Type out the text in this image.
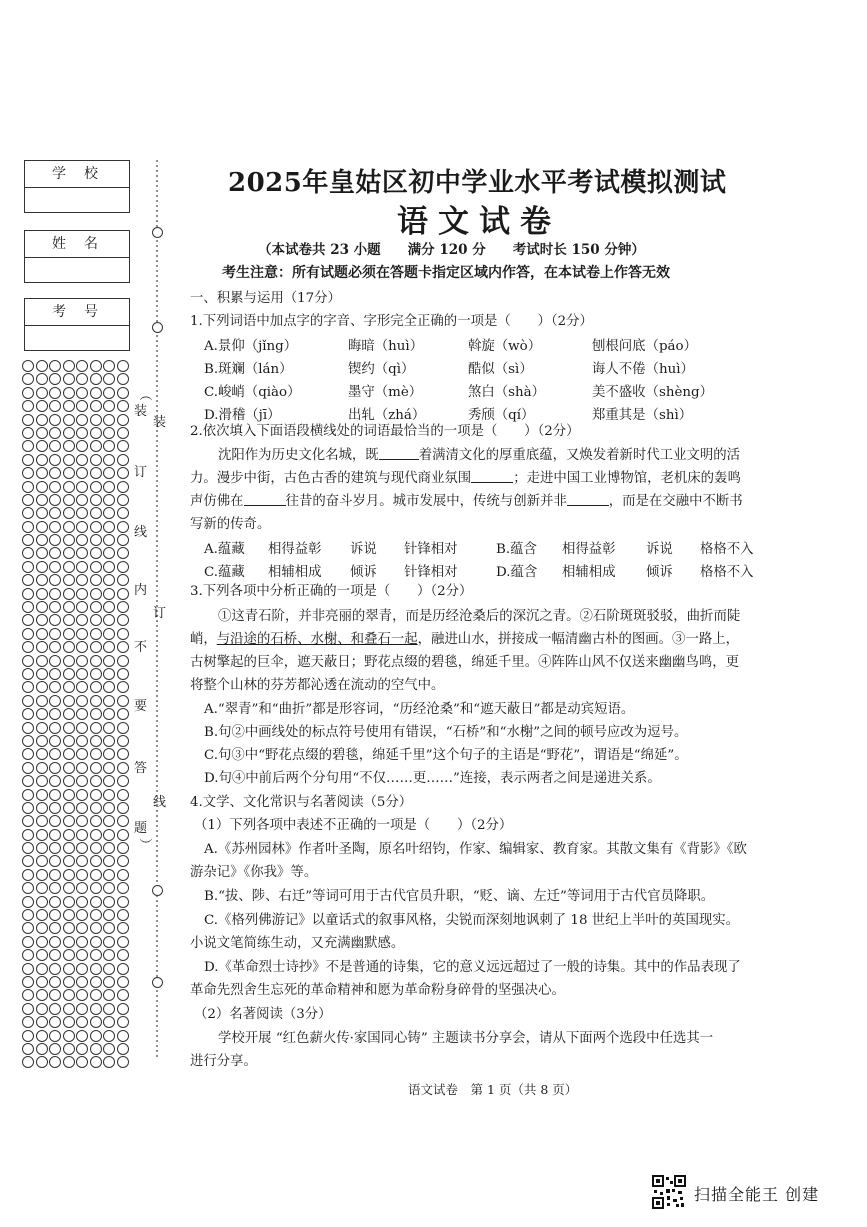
学校
姓名
考号
（
装
订
线
内
不
要
答
题
）
装
订
线
2025年皇姑区初中学业水平考试模拟测试
语文试卷
（本试卷共 23 小题　　满分 120 分　　考试时长 150 分钟）
考生注意：所有试题必须在答题卡指定区域内作答，在本试卷上作答无效
一、积累与运用（17分）
1.下列词语中加点字的字音、字形完全正确的一项是（　　）（2分）
A.景仰（jǐng）	晦暗（huì）	斡旋（wò）	刨根问底（páo）
B.斑斓（lán）	锲约（qì）	酷似（sì）	诲人不倦（huì）
C.峻峭（qiào）	墨守（mè）	煞白（shà）	美不盛收（shèng）
D.滑稽（jī）	出轧（zhá）	秀颀（qí）	郑重其是（shì）
2.依次填入下面语段横线处的词语最恰当的一项是（　　）（2分）
沈阳作为历史文化名城，既	着满清文化的厚重底蕴，又焕发着新时代工业文明的活
力。漫步中街，古色古香的建筑与现代商业氛围	；走进中国工业博物馆，老机床的轰鸣
声仿佛在	往昔的奋斗岁月。城市发展中，传统与创新并非	，而是在交融中不断书
写新的传奇。
A.蕴藏 相得益彰 诉说 针锋相对	B.蕴含 相得益彰 诉说 格格不入
C.蕴藏 相辅相成 倾诉 针锋相对	D.蕴含 相辅相成 倾诉 格格不入
3.下列各项中分析正确的一项是（　　）（2分）
①这青石阶，并非亮丽的翠青，而是历经沧桑后的深沉之青。②石阶斑斑驳驳，曲折而陡
峭，与沿途的石桥、水榭、和叠石一起，融进山水，拼接成一幅清幽古朴的图画。③一路上，
古树擎起的巨伞，遮天蔽日；野花点缀的碧毯，绵延千里。④阵阵山风不仅送来幽幽鸟鸣，更
将整个山林的芬芳都沁透在流动的空气中。
A.“翠青”和“曲折”都是形容词，“历经沧桑”和“遮天蔽日”都是动宾短语。
B.句②中画线处的标点符号使用有错误，“石桥”和“水榭”之间的顿号应改为逗号。
C.句③中“野花点缀的碧毯，绵延千里”这个句子的主语是“野花”，谓语是“绵延”。
D.句④中前后两个分句用“不仅……更……”连接，表示两者之间是递进关系。
4.文学、文化常识与名著阅读（5分）
（1）下列各项中表述不正确的一项是（　　）（2分）
A.《苏州园林》作者叶圣陶，原名叶绍钧，作家、编辑家、教育家。其散文集有《背影》《欧
游杂记》《你我》等。
B.“拔、陟、右迁”等词可用于古代官员升职，“贬、谪、左迁”等词用于古代官员降职。
C.《格列佛游记》以童话式的叙事风格，尖锐而深刻地讽刺了 18 世纪上半叶的英国现实。
小说文笔简练生动，又充满幽默感。
D.《革命烈士诗抄》不是普通的诗集，它的意义远远超过了一般的诗集。其中的作品表现了
革命先烈舍生忘死的革命精神和愿为革命粉身碎骨的坚强决心。
（2）名著阅读（3分）
学校开展 “红色薪火传·家国同心铸” 主题读书分享会，请从下面两个选段中任选其一
进行分享。
语文试卷　第 1 页（共 8 页）
扫描全能王 创建
